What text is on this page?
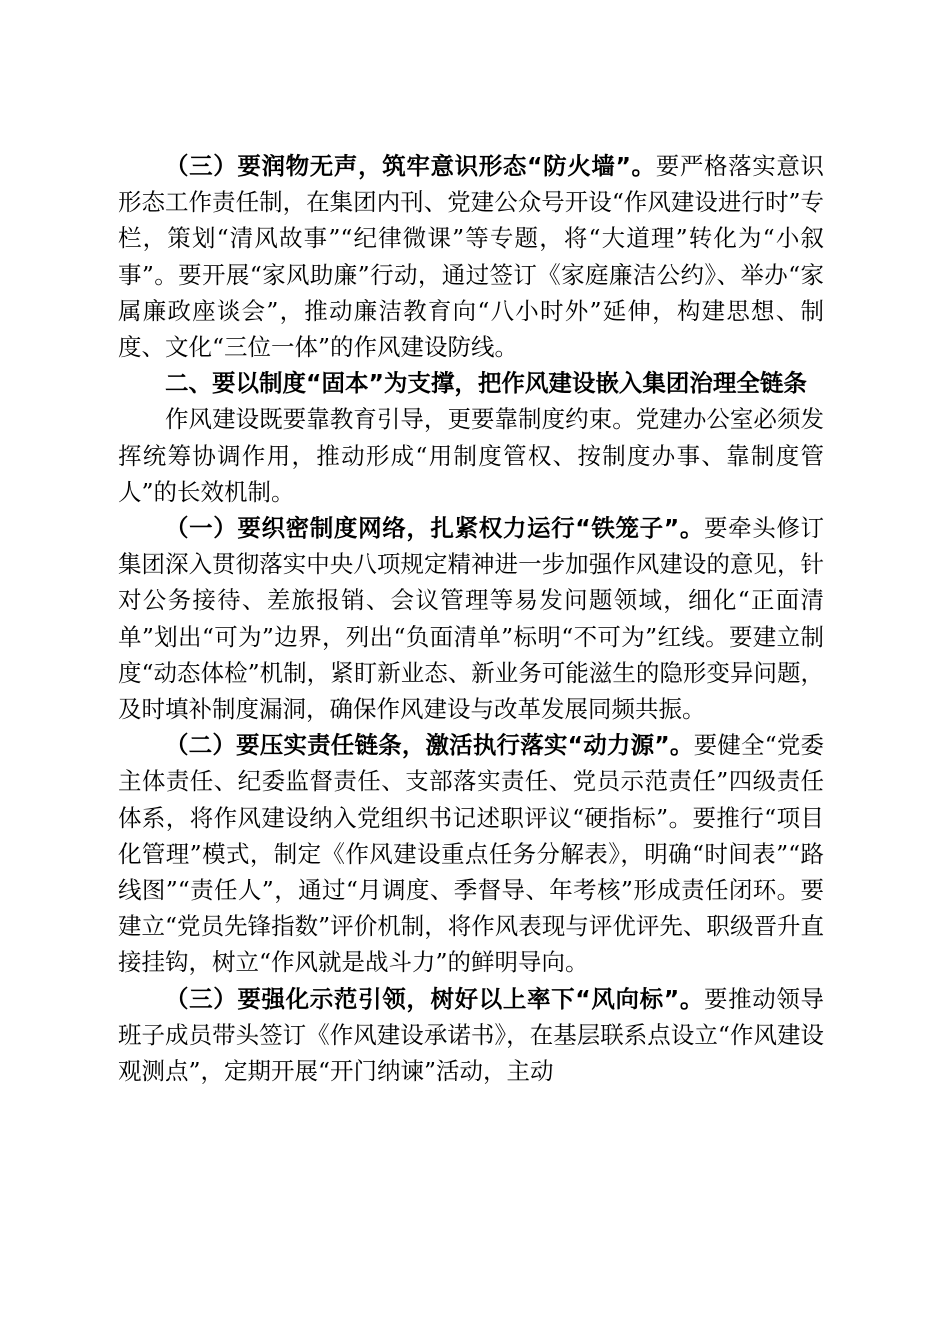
（三）要润物无声，筑牢意识形态“防火墙”。要严格落实意识形态工作责任制，在集团内刊、党建公众号开设“作风建设进行时”专栏，策划“清风故事”“纪律微课”等专题，将“大道理”转化为“小叙事”。要开展“家风助廉”行动，通过签订《家庭廉洁公约》、举办“家属廉政座谈会”，推动廉洁教育向“八小时外”延伸，构建思想、制度、文化“三位一体”的作风建设防线。

二、要以制度“固本”为支撑，把作风建设嵌入集团治理全链条

作风建设既要靠教育引导，更要靠制度约束。党建办公室必须发挥统筹协调作用，推动形成“用制度管权、按制度办事、靠制度管人”的长效机制。

（一）要织密制度网络，扎紧权力运行“铁笼子”。要牵头修订集团深入贯彻落实中央八项规定精神进一步加强作风建设的意见，针对公务接待、差旅报销、会议管理等易发问题领域，细化“正面清单”划出“可为”边界，列出“负面清单”标明“不可为”红线。要建立制度“动态体检”机制，紧盯新业态、新业务可能滋生的隐形变异问题，及时填补制度漏洞，确保作风建设与改革发展同频共振。

（二）要压实责任链条，激活执行落实“动力源”。要健全“党委主体责任、纪委监督责任、支部落实责任、党员示范责任”四级责任体系，将作风建设纳入党组织书记述职评议“硬指标”。要推行“项目化管理”模式，制定《作风建设重点任务分解表》，明确“时间表”“路线图”“责任人”，通过“月调度、季督导、年考核”形成责任闭环。要建立“党员先锋指数”评价机制，将作风表现与评优评先、职级晋升直接挂钩，树立“作风就是战斗力”的鲜明导向。

（三）要强化示范引领，树好以上率下“风向标”。要推动领导班子成员带头签订《作风建设承诺书》，在基层联系点设立“作风建设观测点”，定期开展“开门纳谏”活动，主动
